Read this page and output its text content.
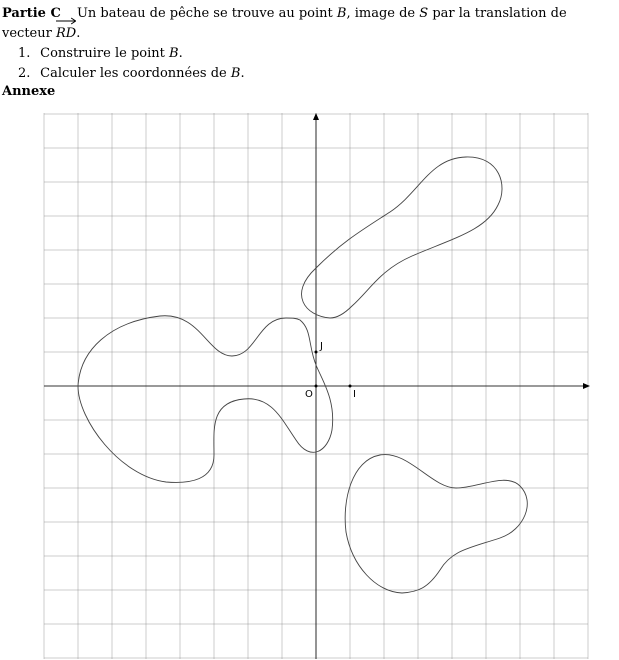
Partie C Un bateau de pêche se trouve au point B, image de S par la translation de vecteur RD.
1. Construire le point B.
2. Calculer les coordonnées de B.
Annexe
O	I
J
